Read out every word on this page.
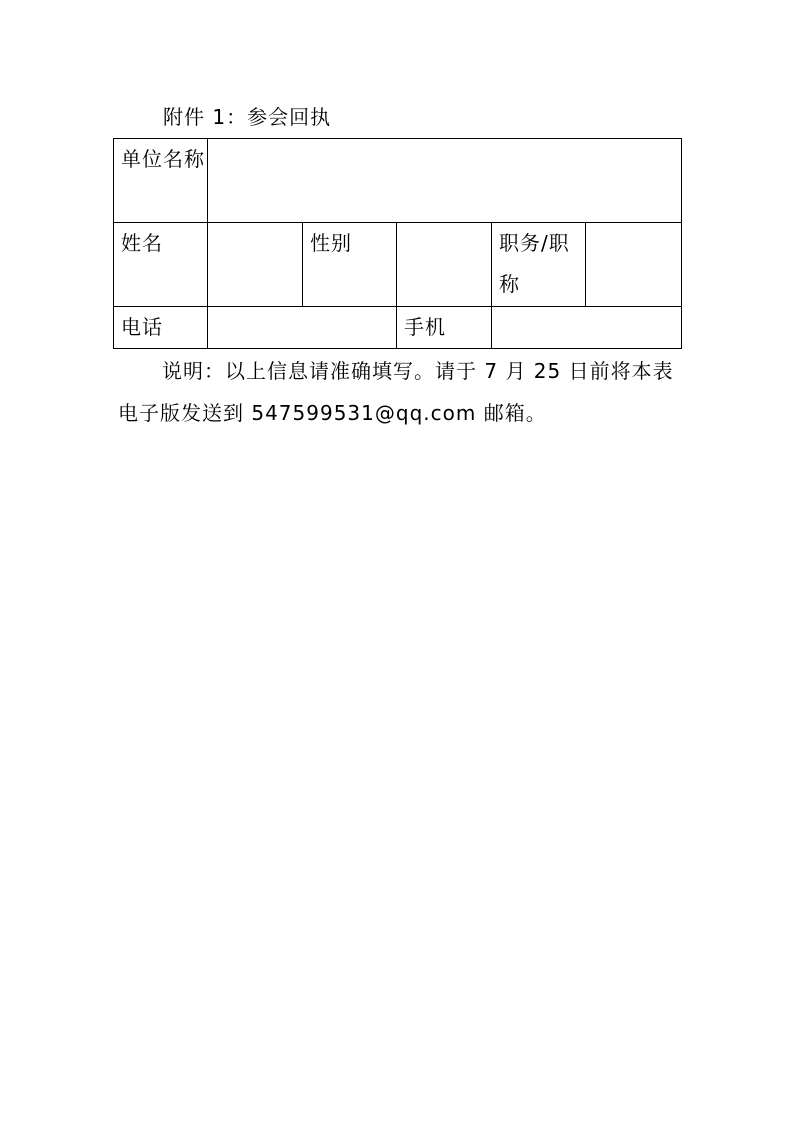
附件 1：参会回执
单位名称					
姓名		性别		职务/职称	
电话			手机		
说明：以上信息请准确填写。请于 7 月 25 日前将本表
电子版发送到 547599531@qq.com 邮箱。
